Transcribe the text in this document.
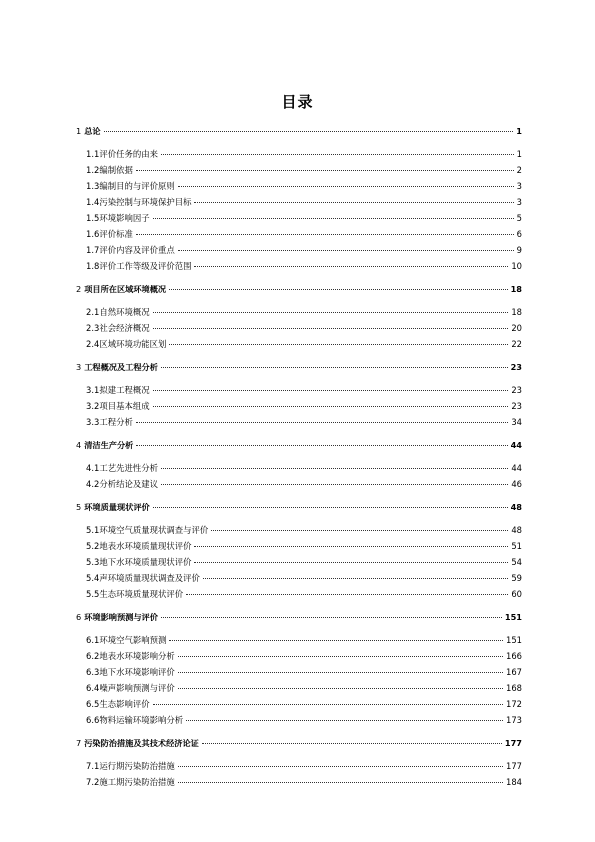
目录
1 总论	1
1.1 评价任务的由来	1
1.2 编制依据	2
1.3 编制目的与评价原则	3
1.4 污染控制与环境保护目标	3
1.5 环境影响因子	5
1.6 评价标准	6
1.7 评价内容及评价重点	9
1.8 评价工作等级及评价范围	10
2 项目所在区域环境概况	18
2.1 自然环境概况	18
2.3 社会经济概况	20
2.4 区域环境功能区划	22
3 工程概况及工程分析	23
3.1 拟建工程概况	23
3.2 项目基本组成	23
3.3 工程分析	34
4 清洁生产分析	44
4.1 工艺先进性分析	44
4.2 分析结论及建议	46
5 环境质量现状评价	48
5.1 环境空气质量现状调查与评价	48
5.2 地表水环境质量现状评价	51
5.3 地下水环境质量现状评价	54
5.4 声环境质量现状调查及评价	59
5.5 生态环境质量现状评价	60
6 环境影响预测与评价	151
6.1 环境空气影响预测	151
6.2 地表水环境影响分析	166
6.3 地下水环境影响评价	167
6.4 噪声影响预测与评价	168
6.5 生态影响评价	172
6.6 物料运输环境影响分析	173
7 污染防治措施及其技术经济论证	177
7.1 运行期污染防治措施	177
7.2 施工期污染防治措施	184
